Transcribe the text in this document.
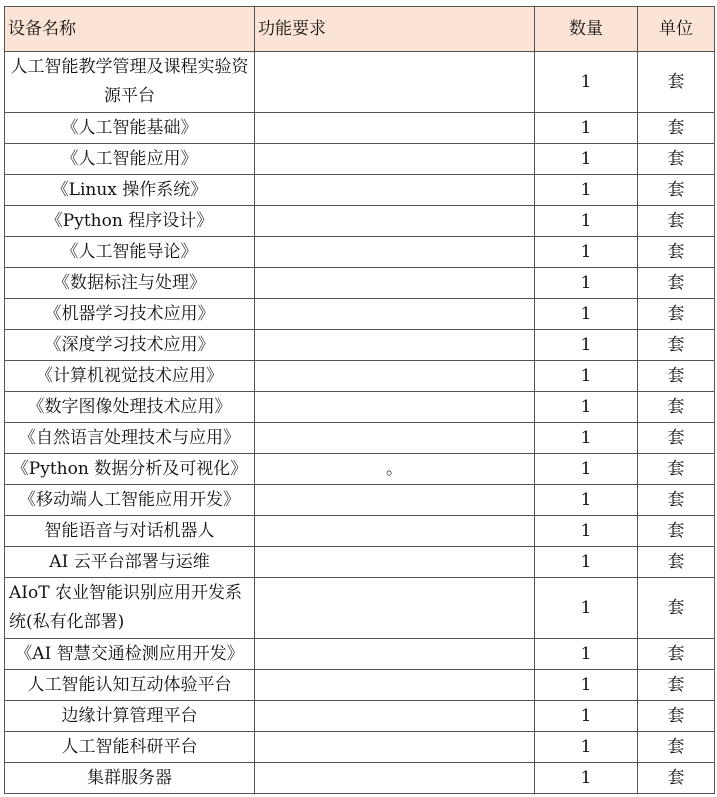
设备名称	功能要求	数量	单位
人工智能教学管理及课程实验资源平台		1	套
《人工智能基础》		1	套
《人工智能应用》		1	套
《Linux 操作系统》		1	套
《Python 程序设计》		1	套
《人工智能导论》		1	套
《数据标注与处理》		1	套
《机器学习技术应用》		1	套
《深度学习技术应用》		1	套
《计算机视觉技术应用》		1	套
《数字图像处理技术应用》		1	套
《自然语言处理技术与应用》		1	套
《Python 数据分析及可视化》	。	1	套
《移动端人工智能应用开发》		1	套
智能语音与对话机器人		1	套
AI 云平台部署与运维		1	套
AIoT 农业智能识别应用开发系统(私有化部署)		1	套
《AI 智慧交通检测应用开发》		1	套
人工智能认知互动体验平台		1	套
边缘计算管理平台		1	套
人工智能科研平台		1	套
集群服务器		1	套
